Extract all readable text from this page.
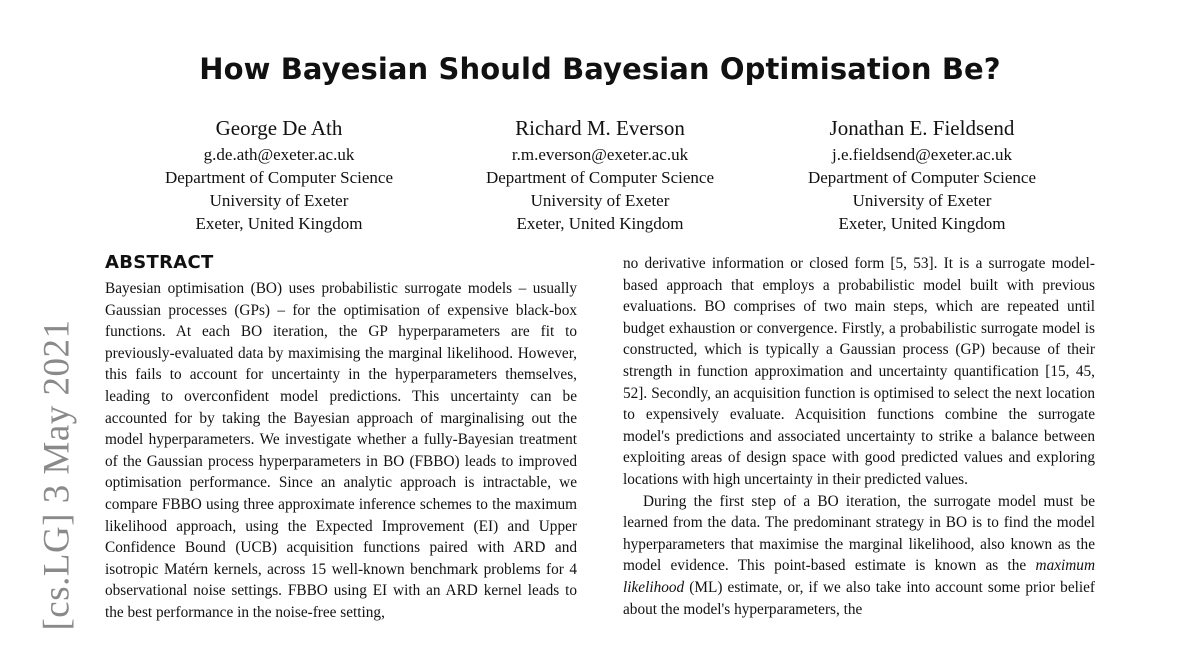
How Bayesian Should Bayesian Optimisation Be?
George De Ath
g.de.ath@exeter.ac.uk
Department of Computer Science
University of Exeter
Exeter, United Kingdom
Richard M. Everson
r.m.everson@exeter.ac.uk
Department of Computer Science
University of Exeter
Exeter, United Kingdom
Jonathan E. Fieldsend
j.e.fieldsend@exeter.ac.uk
Department of Computer Science
University of Exeter
Exeter, United Kingdom
[cs.LG] 3 May 2021
ABSTRACT

Bayesian optimisation (BO) uses probabilistic surrogate models – usually Gaussian processes (GPs) – for the optimisation of expensive black-box functions. At each BO iteration, the GP hyperparameters are fit to previously-evaluated data by maximising the marginal likelihood. However, this fails to account for uncertainty in the hyperparameters themselves, leading to overconfident model predictions. This uncertainty can be accounted for by taking the Bayesian approach of marginalising out the model hyperparameters. We investigate whether a fully-Bayesian treatment of the Gaussian process hyperparameters in BO (FBBO) leads to improved optimisation performance. Since an analytic approach is intractable, we compare FBBO using three approximate inference schemes to the maximum likelihood approach, using the Expected Improvement (EI) and Upper Confidence Bound (UCB) acquisition functions paired with ARD and isotropic Matérn kernels, across 15 well-known benchmark problems for 4 observational noise settings. FBBO using EI with an ARD kernel leads to the best performance in the noise-free setting,

no derivative information or closed form [5, 53]. It is a surrogate model-based approach that employs a probabilistic model built with previous evaluations. BO comprises of two main steps, which are repeated until budget exhaustion or convergence. Firstly, a probabilistic surrogate model is constructed, which is typically a Gaussian process (GP) because of their strength in function approximation and uncertainty quantification [15, 45, 52]. Secondly, an acquisition function is optimised to select the next location to expensively evaluate. Acquisition functions combine the surrogate model's predictions and associated uncertainty to strike a balance between exploiting areas of design space with good predicted values and exploring locations with high uncertainty in their predicted values.

During the first step of a BO iteration, the surrogate model must be learned from the data. The predominant strategy in BO is to find the model hyperparameters that maximise the marginal likelihood, also known as the model evidence. This point-based estimate is known as the maximum likelihood (ML) estimate, or, if we also take into account some prior belief about the model's hyperparameters, the
